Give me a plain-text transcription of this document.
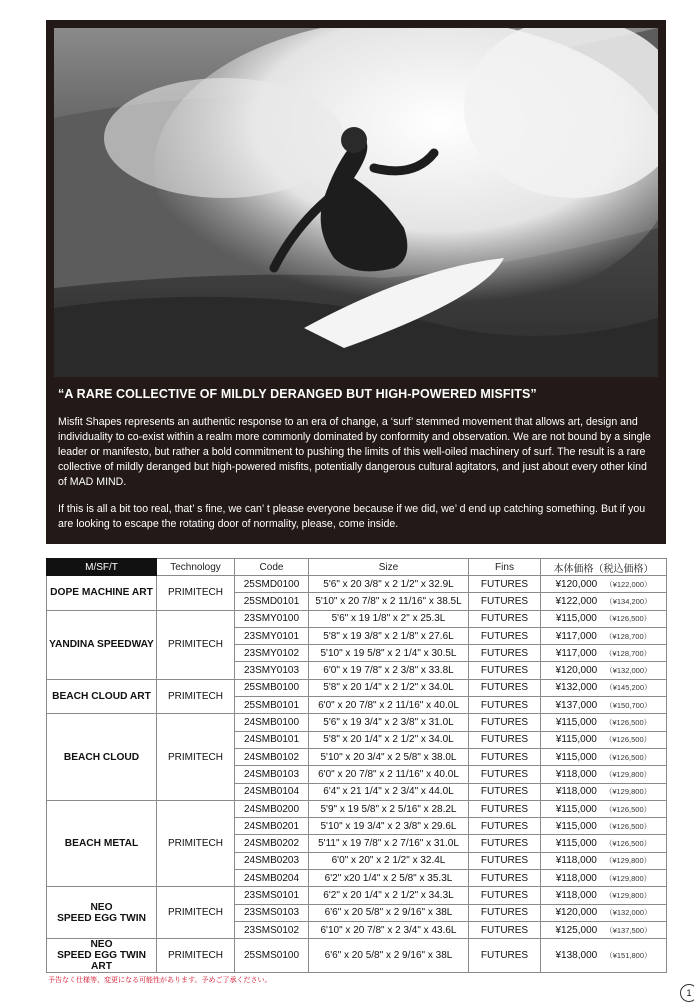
“A RARE COLLECTIVE OF MILDLY DERANGED BUT HIGH-POWERED MISFITS”
Misfit Shapes represents an authentic response to an era of change, a ‘surf’ stemmed movement that allows art, design and individuality to co-exist within a realm more commonly dominated by conformity and observation. We are not bound by a single leader or manifesto, but rather a bold commitment to pushing the limits of this well-oiled machinery of surf. The result is a rare collective of mildly deranged but high-powered misfits, potentially dangerous cultural agitators, and just about every other kind of MAD MIND.
If this is all a bit too real, that’ s fine, we can’ t please everyone because if we did, we’ d end up catching something. But if you are looking to escape the rotating door of normality, please, come inside.
M/SF/T	Technology	Code	Size	Fins	本体価格（税込価格）
DOPE MACHINE ART	PRIMITECH	25SMD0100	5'6" x 20 3/8" x 2 1/2" x 32.9L	FUTURES	¥120,000 （¥122,000）
		25SMD0101	5'10" x 20 7/8" x 2 11/16" x 38.5L	FUTURES	¥122,000 （¥134,200）
YANDINA SPEEDWAY	PRIMITECH	23SMY0100	5'6" x 19 1/8" x 2" x 25.3L	FUTURES	¥115,000 （¥126,500）
		23SMY0101	5'8" x 19 3/8" x 2 1/8" x 27.6L	FUTURES	¥117,000 （¥128,700）
		23SMY0102	5'10" x 19 5/8" x 2 1/4" x 30.5L	FUTURES	¥117,000 （¥128,700）
		23SMY0103	6'0" x 19 7/8" x 2 3/8" x 33.8L	FUTURES	¥120,000 （¥132,000）
BEACH CLOUD ART	PRIMITECH	25SMB0100	5'8" x 20 1/4" x 2 1/2" x 34.0L	FUTURES	¥132,000 （¥145,200）
		25SMB0101	6'0" x 20 7/8" x 2 11/16" x 40.0L	FUTURES	¥137,000 （¥150,700）
BEACH CLOUD	PRIMITECH	24SMB0100	5'6" x 19 3/4" x 2 3/8" x 31.0L	FUTURES	¥115,000 （¥126,500）
		24SMB0101	5'8" x 20 1/4" x 2 1/2" x 34.0L	FUTURES	¥115,000 （¥126,500）
		24SMB0102	5'10" x 20 3/4" x 2 5/8" x 38.0L	FUTURES	¥115,000 （¥126,500）
		24SMB0103	6'0" x 20 7/8" x 2 11/16" x 40.0L	FUTURES	¥118,000 （¥129,800）
		24SMB0104	6'4" x 21 1/4" x 2 3/4" x 44.0L	FUTURES	¥118,000 （¥129,800）
BEACH METAL	PRIMITECH	24SMB0200	5'9" x 19 5/8" x 2 5/16" x 28.2L	FUTURES	¥115,000 （¥126,500）
		24SMB0201	5'10" x 19 3/4" x 2 3/8" x 29.6L	FUTURES	¥115,000 （¥126,500）
		24SMB0202	5'11" x 19 7/8" x 2 7/16" x 31.0L	FUTURES	¥115,000 （¥126,500）
		24SMB0203	6'0" x 20" x 2 1/2" x 32.4L	FUTURES	¥118,000 （¥129,800）
		24SMB0204	6'2" x20 1/4" x 2 5/8" x 35.3L	FUTURES	¥118,000 （¥129,800）
NEO
SPEED EGG TWIN	PRIMITECH	23SMS0101	6'2" x 20 1/4" x 2 1/2" x 34.3L	FUTURES	¥118,000 （¥129,800）
		23SMS0103	6'6" x 20 5/8" x 2 9/16" x 38L	FUTURES	¥120,000 （¥132,000）
		23SMS0102	6'10" x 20 7/8" x 2 3/4" x 43.6L	FUTURES	¥125,000 （¥137,500）
NEO
SPEED EGG TWIN ART	PRIMITECH	25SMS0100	6'6" x 20 5/8" x 2 9/16" x 38L	FUTURES	¥138,000 （¥151,800）
予告なく仕様等、変更になる可能性があります。予めご了承ください。
1
